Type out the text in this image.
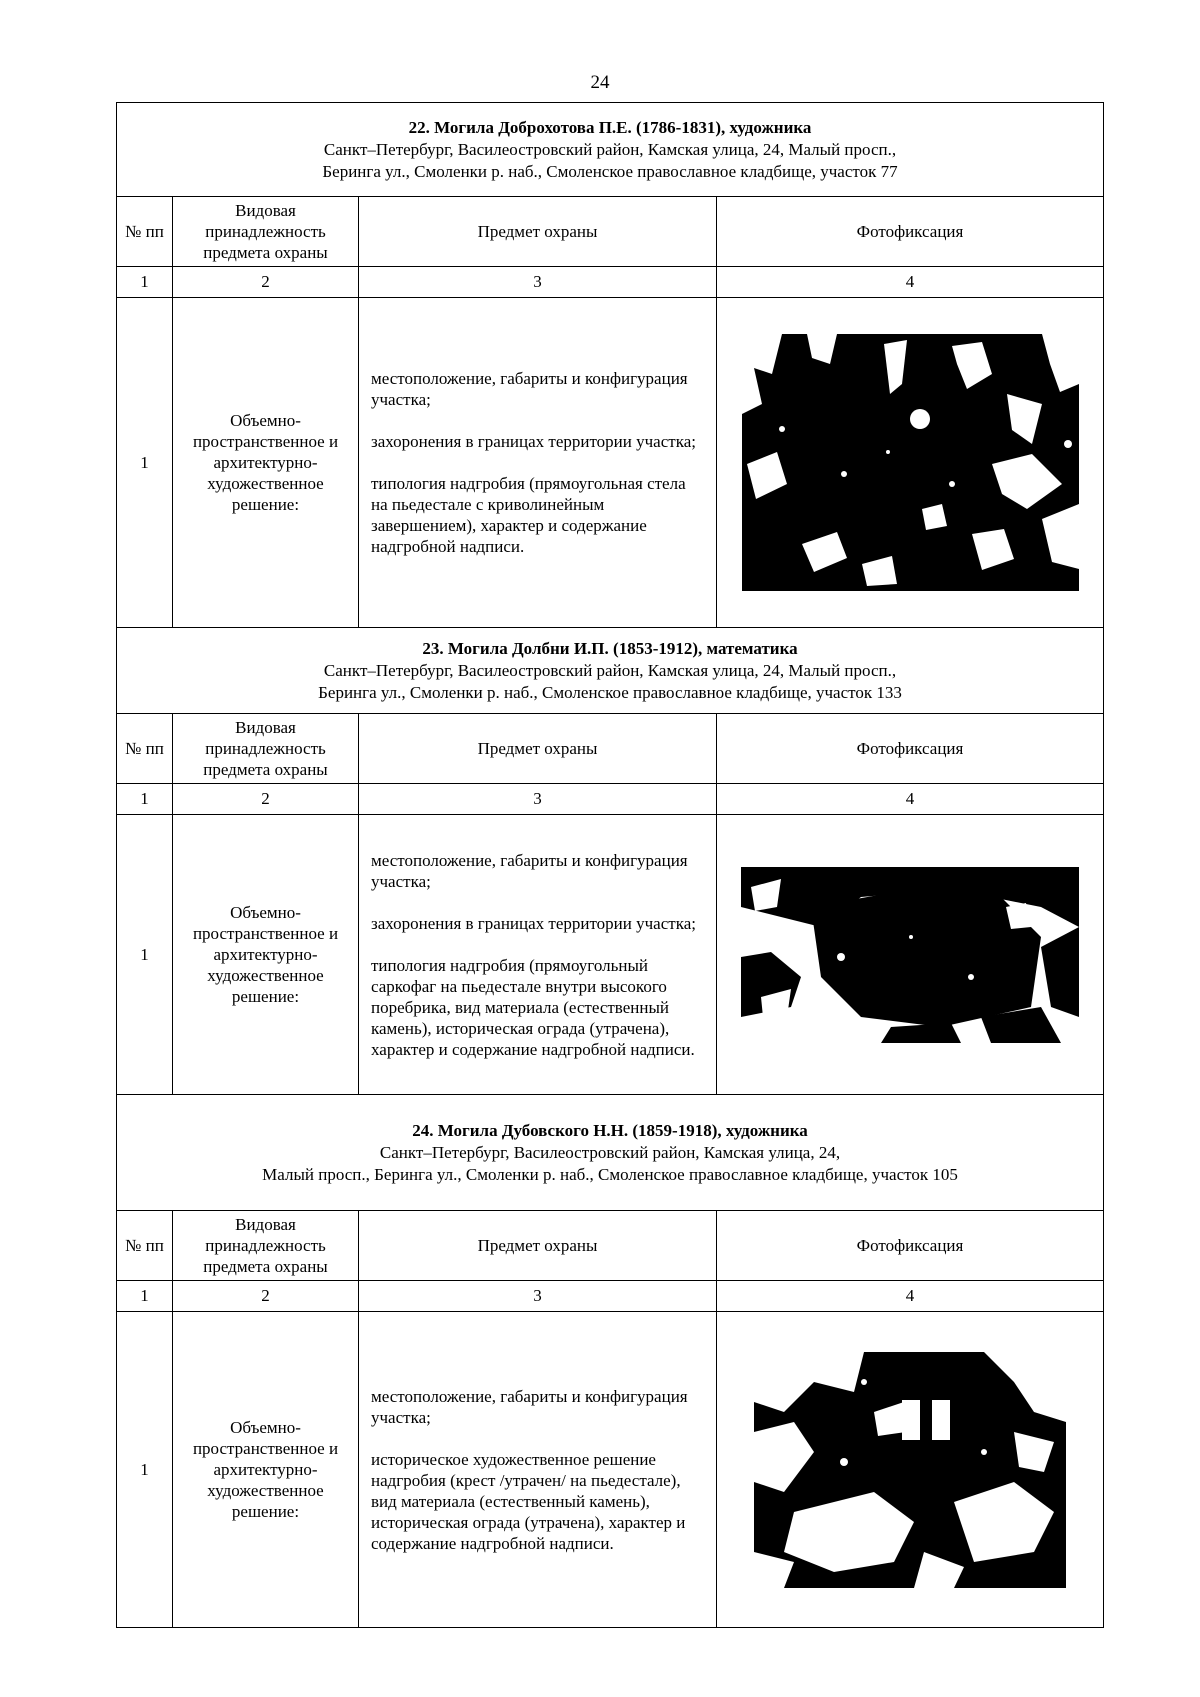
24
22. Могила Доброхотова П.Е. (1786-1831), художника
Санкт–Петербург, Василеостровский район, Камская улица, 24, Малый просп.,
Беринга ул., Смоленки р. наб., Смоленское православное кладбище, участок 77			

№ пп	Видовая принадлежность предмета охраны	Предмет охраны	Фотофиксация
1	2	3	4
1	Объемно-пространственное и архитектурно-художественное решение:	местоположение, габариты и конфигурация участка;

захоронения в границах территории участка;

типология надгробия (прямоугольная стела на пьедестале с криволинейным завершением), характер и содержание надгробной надписи.

23. Могила Долбни И.П. (1853-1912), математика
Санкт–Петербург, Василеостровский район, Камская улица, 24, Малый просп.,
Беринга ул., Смоленки р. наб., Смоленское православное кладбище, участок 133			

№ пп	Видовая принадлежность предмета охраны	Предмет охраны	Фотофиксация
1	2	3	4
1	Объемно-пространственное и архитектурно-художественное решение:	местоположение, габариты и конфигурация участка;

захоронения в границах территории участка;

типология надгробия (прямоугольный саркофаг на пьедестале внутри высокого поребрика, вид материала (естественный камень), историческая ограда (утрачена), характер и содержание надгробной надписи.

24. Могила Дубовского Н.Н. (1859-1918), художника
Санкт–Петербург, Василеостровский район, Камская улица, 24,
Малый просп., Беринга ул., Смоленки р. наб., Смоленское православное кладбище, участок 105			

№ пп	Видовая принадлежность предмета охраны	Предмет охраны	Фотофиксация
1	2	3	4
1	Объемно-пространственное и архитектурно-художественное решение:	местоположение, габариты и конфигурация участка;

историческое художественное решение надгробия (крест /утрачен/ на пьедестале), вид материала (естественный камень), историческая ограда (утрачена), характер и содержание надгробной надписи.
